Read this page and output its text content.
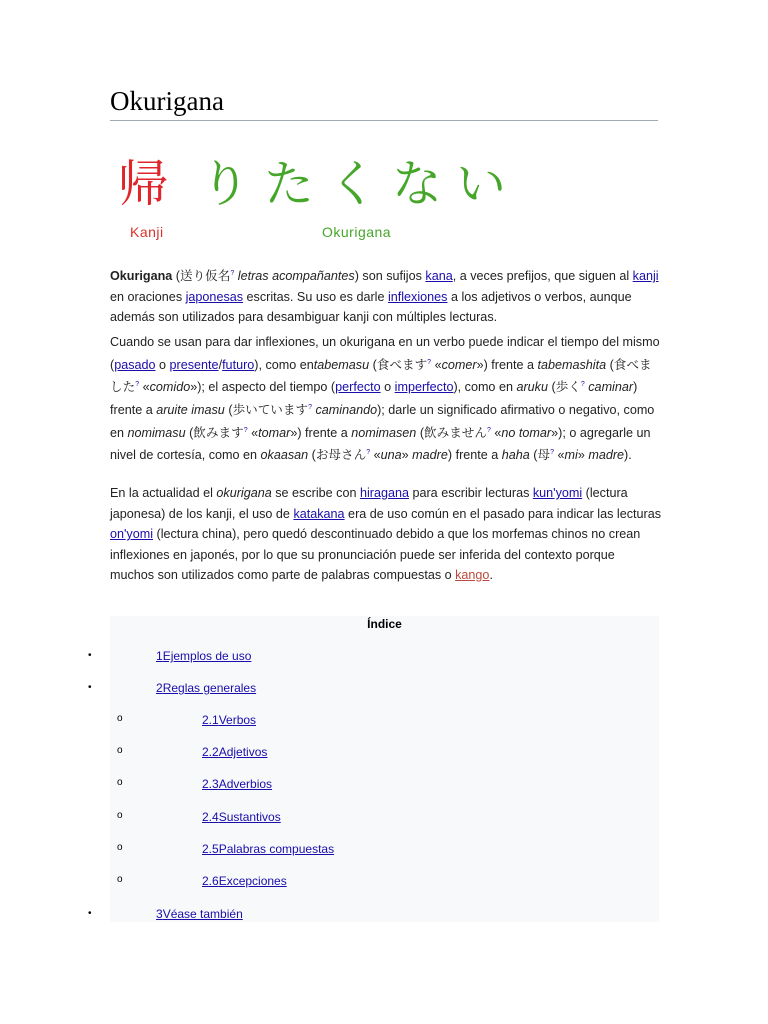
Okurigana
帰 りたくない
Kanji	Okurigana

Okurigana (送り仮名? letras acompañantes) son sufijos kana, a veces prefijos, que siguen al kanji en oraciones japonesas escritas. Su uso es darle inflexiones a los adjetivos o verbos, aunque además son utilizados para desambiguar kanji con múltiples lecturas.

Cuando se usan para dar inflexiones, un okurigana en un verbo puede indicar el tiempo del mismo (pasado o presente/futuro), como entabemasu (食べます? «comer») frente a tabemashita (食べました? «comido»); el aspecto del tiempo (perfecto o imperfecto), como en aruku (歩く? caminar) frente a aruite imasu (歩いています? caminando); darle un significado afirmativo o negativo, como en nomimasu (飲みます? «tomar») frente a nomimasen (飲みません? «no tomar»); o agregarle un nivel de cortesía, como en okaasan (お母さん? «una» madre) frente a haha (母? «mi» madre).

En la actualidad el okurigana se escribe con hiragana para escribir lecturas kun'yomi (lectura japonesa) de los kanji, el uso de katakana era de uso común en el pasado para indicar las lecturas on'yomi (lectura china), pero quedó descontinuado debido a que los morfemas chinos no crean inflexiones en japonés, por lo que su pronunciación puede ser inferida del contexto porque muchos son utilizados como parte de palabras compuestas o kango.

Índice
•	1Ejemplos de uso
•	2Reglas generales
o	2.1Verbos
o	2.2Adjetivos
o	2.3Adverbios
o	2.4Sustantivos
o	2.5Palabras compuestas
o	2.6Excepciones
•	3Véase también
